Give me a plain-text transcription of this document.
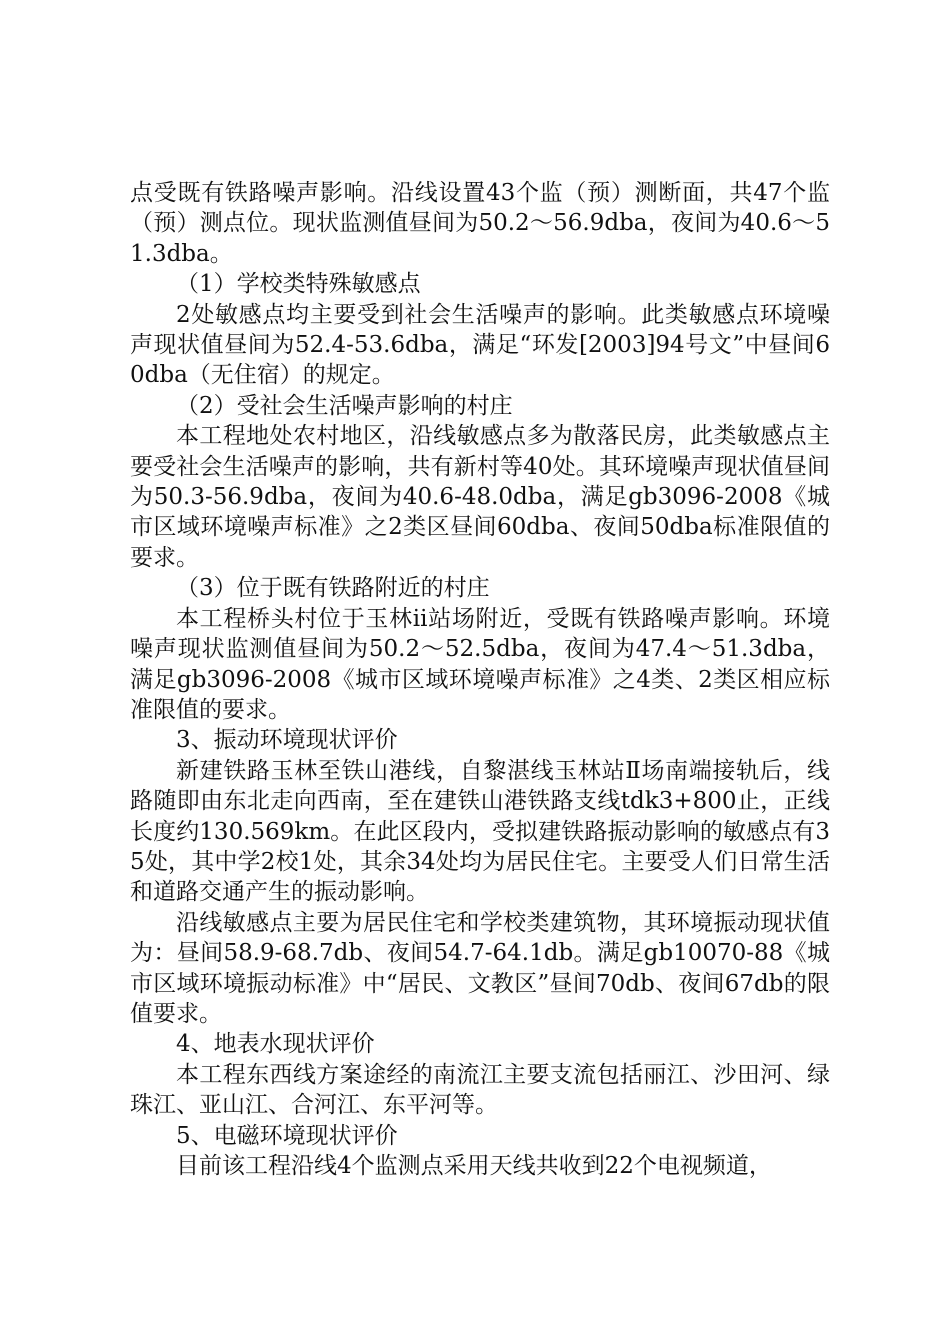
点受既有铁路噪声影响。沿线设置43个监（预）测断面，共47个监（预）测点位。现状监测值昼间为50.2～56.9dba，夜间为40.6～51.3dba。

（1）学校类特殊敏感点

2处敏感点均主要受到社会生活噪声的影响。此类敏感点环境噪声现状值昼间为52.4-53.6dba，满足“环发[2003]94号文”中昼间60dba（无住宿）的规定。

（2）受社会生活噪声影响的村庄

本工程地处农村地区，沿线敏感点多为散落民房，此类敏感点主要受社会生活噪声的影响，共有新村等40处。其环境噪声现状值昼间为50.3-56.9dba，夜间为40.6-48.0dba，满足gb3096-2008《城市区域环境噪声标准》之2类区昼间60dba、夜间50dba标准限值的要求。

（3）位于既有铁路附近的村庄

本工程桥头村位于玉林ii站场附近，受既有铁路噪声影响。环境噪声现状监测值昼间为50.2～52.5dba，夜间为47.4～51.3dba，满足gb3096-2008《城市区域环境噪声标准》之4类、2类区相应标准限值的要求。

3、振动环境现状评价

新建铁路玉林至铁山港线，自黎湛线玉林站Ⅱ场南端接轨后，线路随即由东北走向西南，至在建铁山港铁路支线tdk3+800止，正线长度约130.569km。在此区段内，受拟建铁路振动影响的敏感点有35处，其中学2校1处，其余34处均为居民住宅。主要受人们日常生活和道路交通产生的振动影响。

沿线敏感点主要为居民住宅和学校类建筑物，其环境振动现状值为：昼间58.9-68.7db、夜间54.7-64.1db。满足gb10070-88《城市区域环境振动标准》中“居民、文教区”昼间70db、夜间67db的限值要求。

4、地表水现状评价

本工程东西线方案途经的南流江主要支流包括丽江、沙田河、绿珠江、亚山江、合河江、东平河等。

5、电磁环境现状评价

目前该工程沿线4个监测点采用天线共收到22个电视频道，
